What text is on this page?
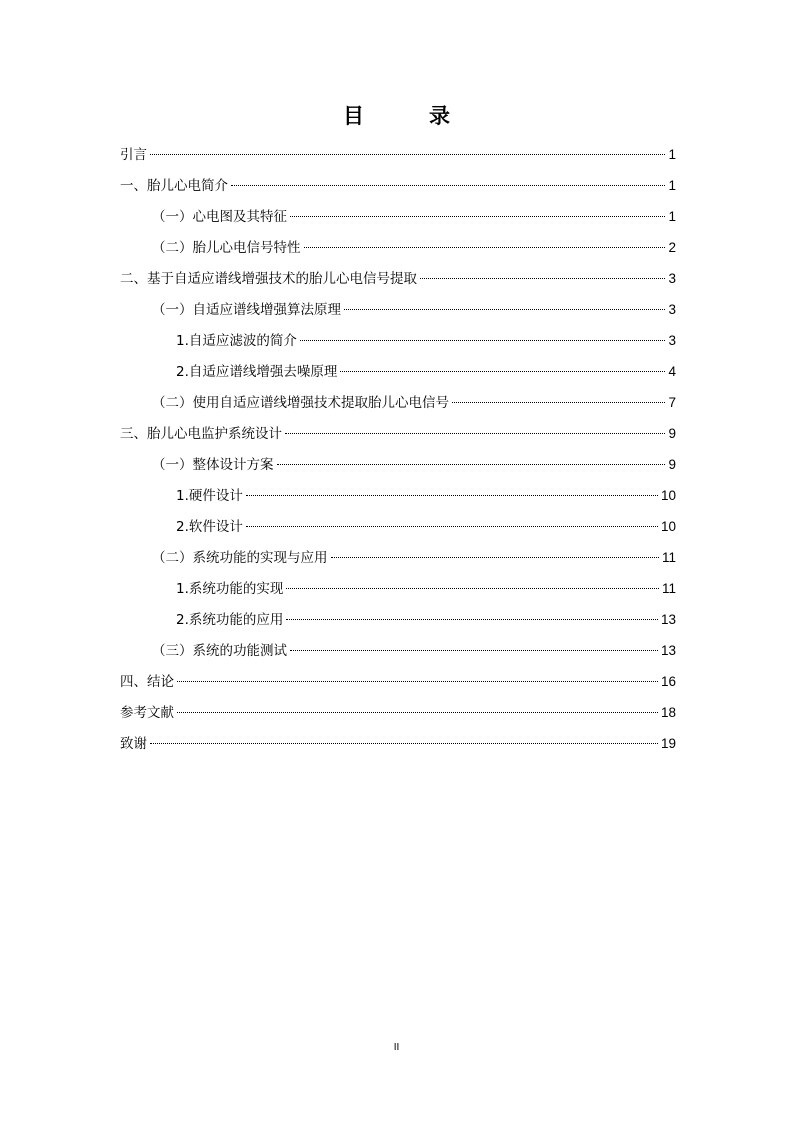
目　录
引言	1
一、胎儿心电简介	1
（一）心电图及其特征	1
（二）胎儿心电信号特性	2
二、基于自适应谱线增强技术的胎儿心电信号提取	3
（一）自适应谱线增强算法原理	3
1.自适应滤波的简介	3
2.自适应谱线增强去噪原理	4
（二）使用自适应谱线增强技术提取胎儿心电信号	7
三、胎儿心电监护系统设计	9
（一）整体设计方案	9
1.硬件设计	10
2.软件设计	10
（二）系统功能的实现与应用	11
1.系统功能的实现	11
2.系统功能的应用	13
（三）系统的功能测试	13
四、结论	16
参考文献	18
致谢	19
II
